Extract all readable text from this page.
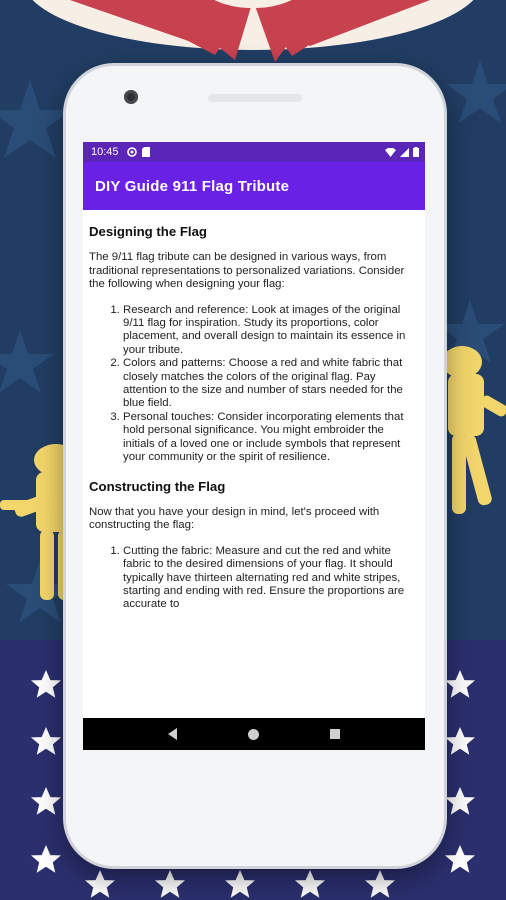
10:45
DIY Guide 911 Flag Tribute
Designing the Flag

The 9/11 flag tribute can be designed in various ways, from traditional representations to personalized variations. Consider the following when designing your flag:

1. Research and reference: Look at images of the original 9/11 flag for inspiration. Study its proportions, color placement, and overall design to maintain its essence in your tribute.
2. Colors and patterns: Choose a red and white fabric that closely matches the colors of the original flag. Pay attention to the size and number of stars needed for the blue field.
3. Personal touches: Consider incorporating elements that hold personal significance. You might embroider the initials of a loved one or include symbols that represent your community or the spirit of resilience.
Constructing the Flag

Now that you have your design in mind, let's proceed with constructing the flag:

1. Cutting the fabric: Measure and cut the red and white fabric to the desired dimensions of your flag. It should typically have thirteen alternating red and white stripes, starting and ending with red. Ensure the proportions are accurate to
